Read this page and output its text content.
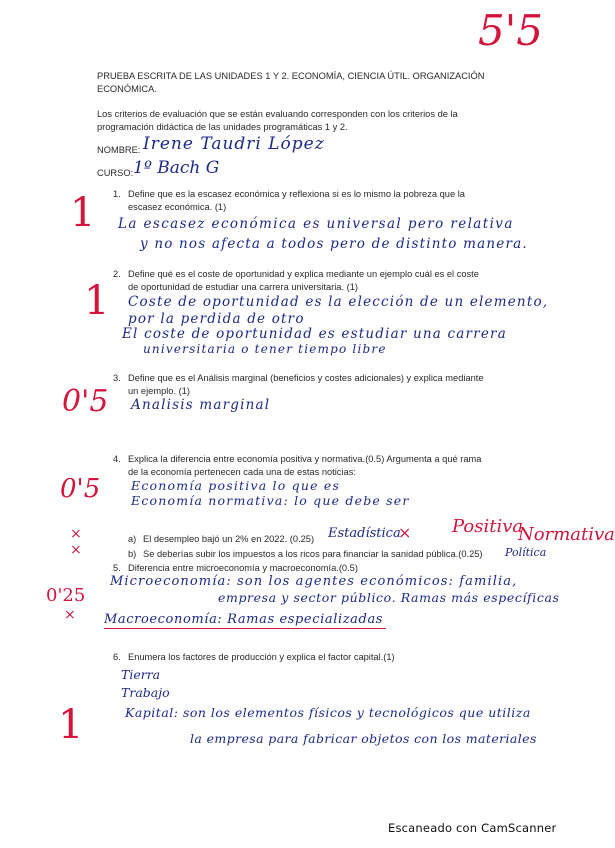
5'5
PRUEBA ESCRITA DE LAS UNIDADES 1 Y 2. ECONOMÍA, CIENCIA ÚTIL. ORGANIZACIÓN
ECONÓMICA.
Los criterios de evaluación que se están evaluando corresponden con los criterios de la
programación didáctica de las unidades programáticas 1 y 2.
NOMBRE: Irene Taudri López
CURSO: 1º Bach G
1. Define que es la escasez económica y reflexiona si es lo mismo la pobreza que la
escasez económica. (1)
La escasez económica es universal pero relativa
y no nos afecta a todos pero de distinto manera.
1
2. Define qué es el coste de oportunidad y explica mediante un ejemplo cuál es el coste
de oportunidad de estudiar una carrera universitaria. (1)
Coste de oportunidad es la elección de un elemento,
por la perdida de otro
El coste de oportunidad es estudiar una carrera
universitaria o tener tiempo libre
1
3. Define que es el Análisis marginal (beneficios y costes adicionales) y explica mediante
un ejemplo. (1)
Analisis marginal
0'5
4. Explica la diferencia entre economía positiva y normativa.(0.5) Argumenta a qué rama
de la economía pertenecen cada una de estas noticias:
Economía positiva lo que es
Economía normativa: lo que debe ser
0'5
a) El desempleo bajó un 2% en 2022. (0.25) Estadística
× Positiva
×
b) Se deberías subir los impuestos a los ricos para financiar la sanidad pública.(0.25) Política
Normativa
×
5. Diferencia entre microeconomía y macroeconomía.(0.5)
Microeconomía: son los agentes económicos: familia,
empresa y sector público. Ramas más específicas
Macroeconomía: Ramas especializadas
0'25
×
6. Enumera los factores de producción y explica el factor capital.(1)
Tierra
Trabajo
Kapital: son los elementos físicos y tecnológicos que utiliza
la empresa para fabricar objetos con los materiales
1
Escaneado con CamScanner
